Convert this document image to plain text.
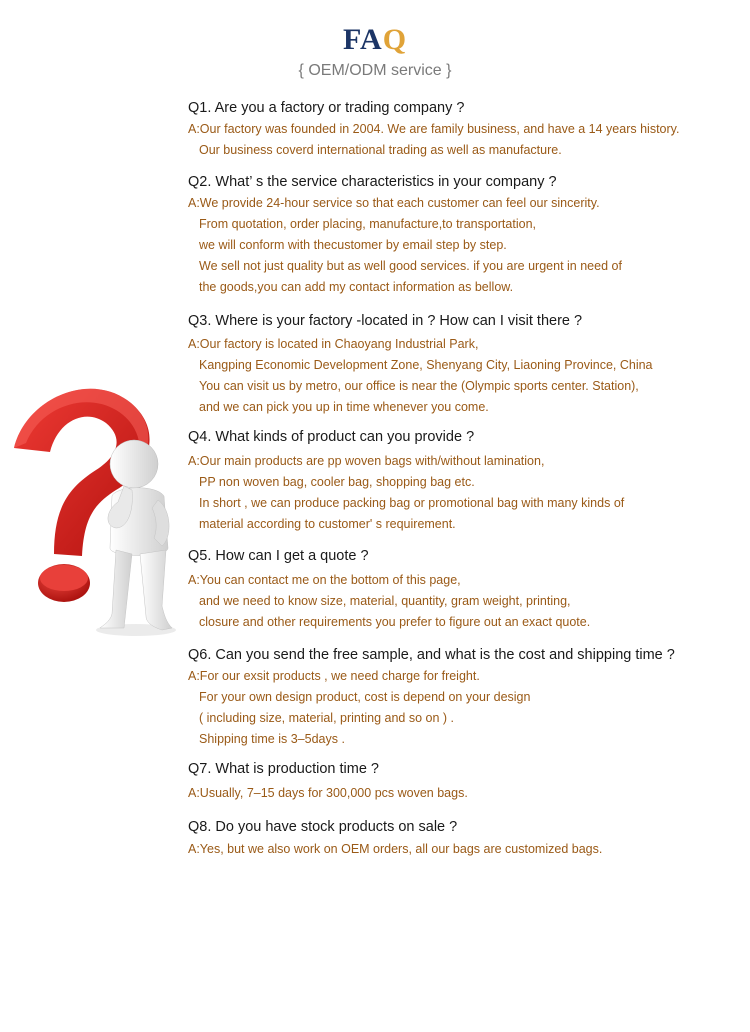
FAQ
{ OEM/ODM service }
Q1. Are you a factory or trading company ?
A:Our factory was founded in 2004. We are family business, and have a 14 years history.
Our business coverd international trading as well as manufacture.
Q2. What’ s the service characteristics in your company ?
A:We provide 24-hour service so that each customer can feel our sincerity.
From quotation, order placing, manufacture,to transportation,
we will conform with thecustomer by email step by step.
We sell not just quality but as well good services. if you are urgent in need of
the goods,you can add my contact information as bellow.
Q3. Where is your factory -located in ? How can I visit there ?
A:Our factory is located in Chaoyang Industrial Park,
Kangping Economic Development Zone, Shenyang City, Liaoning Province, China
You can visit us by metro, our office is near the (Olympic sports center. Station),
and we can pick you up in time whenever you come.
Q4. What kinds of product can you provide ?
A:Our main products are pp woven bags with/without lamination,
PP non woven bag, cooler bag, shopping bag etc.
In short , we can produce packing bag or promotional bag with many kinds of
material according to customer' s requirement.
Q5. How can I get a quote ?
A:You can contact me on the bottom of this page,
and we need to know size, material, quantity, gram weight, printing,
closure and other requirements you prefer to figure out an exact quote.
Q6. Can you send the free sample, and what is the cost and shipping time ?
A:For our exsit products , we need charge for freight.
For your own design product, cost is depend on your design
( including size, material, printing and so on ) .
Shipping time is 3–5days .
Q7. What is production time ?
A:Usually, 7–15 days for 300,000 pcs woven bags.
Q8. Do you have stock products on sale ?
A:Yes, but we also work on OEM orders, all our bags are customized bags.
